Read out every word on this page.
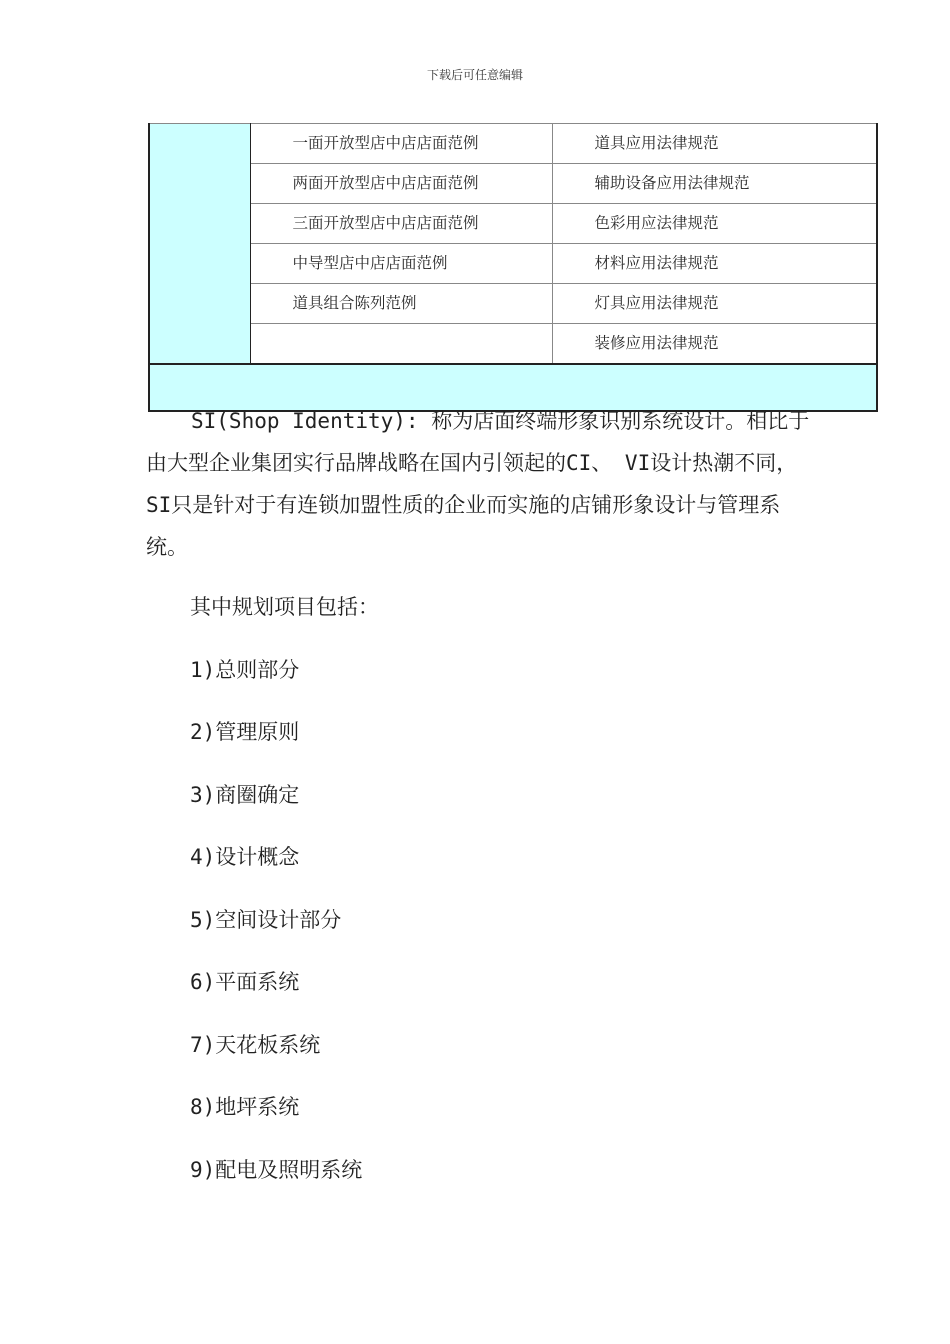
下载后可任意编辑
	一面开放型店中店店面范例	道具应用法律规范
	两面开放型店中店店面范例	辅助设备应用法律规范
	三面开放型店中店店面范例	色彩用应法律规范
	中导型店中店店面范例	材料应用法律规范
	道具组合陈列范例	灯具应用法律规范
		装修应用法律规范

SI(Shop Identity): 称为店面终端形象识别系统设计。相比于由大型企业集团实行品牌战略在国内引领起的CI、 VI设计热潮不同，SI只是针对于有连锁加盟性质的企业而实施的店铺形象设计与管理系统。

其中规划项目包括：
1)总则部分
2)管理原则
3)商圈确定
4)设计概念
5)空间设计部分
6)平面系统
7)天花板系统
8)地坪系统
9)配电及照明系统
